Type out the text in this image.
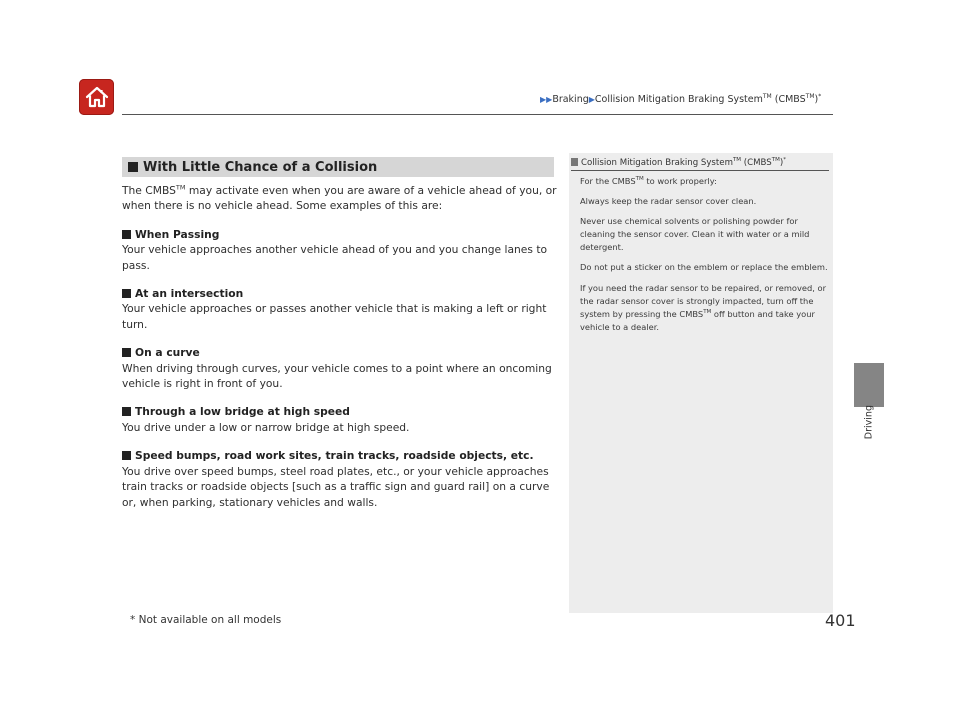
▶▶Braking▶Collision Mitigation Braking System™ (CMBS™)*
Driving
With Little Chance of a Collision

The CMBS™ may activate even when you are aware of a vehicle ahead of you, or when there is no vehicle ahead. Some examples of this are:

When Passing

Your vehicle approaches another vehicle ahead of you and you change lanes to pass.

At an intersection

Your vehicle approaches or passes another vehicle that is making a left or right turn.

On a curve

When driving through curves, your vehicle comes to a point where an oncoming vehicle is right in front of you.

Through a low bridge at high speed

You drive under a low or narrow bridge at high speed.

Speed bumps, road work sites, train tracks, roadside objects, etc.

You drive over speed bumps, steel road plates, etc., or your vehicle approaches train tracks or roadside objects [such as a traffic sign and guard rail] on a curve or, when parking, stationary vehicles and walls.

Collision Mitigation Braking System™ (CMBS™)*

For the CMBS™ to work properly:

Always keep the radar sensor cover clean.

Never use chemical solvents or polishing powder for cleaning the sensor cover. Clean it with water or a mild detergent.

Do not put a sticker on the emblem or replace the emblem.

If you need the radar sensor to be repaired, or removed, or the radar sensor cover is strongly impacted, turn off the system by pressing the CMBS™ off button and take your vehicle to a dealer.

* Not available on all models	401
